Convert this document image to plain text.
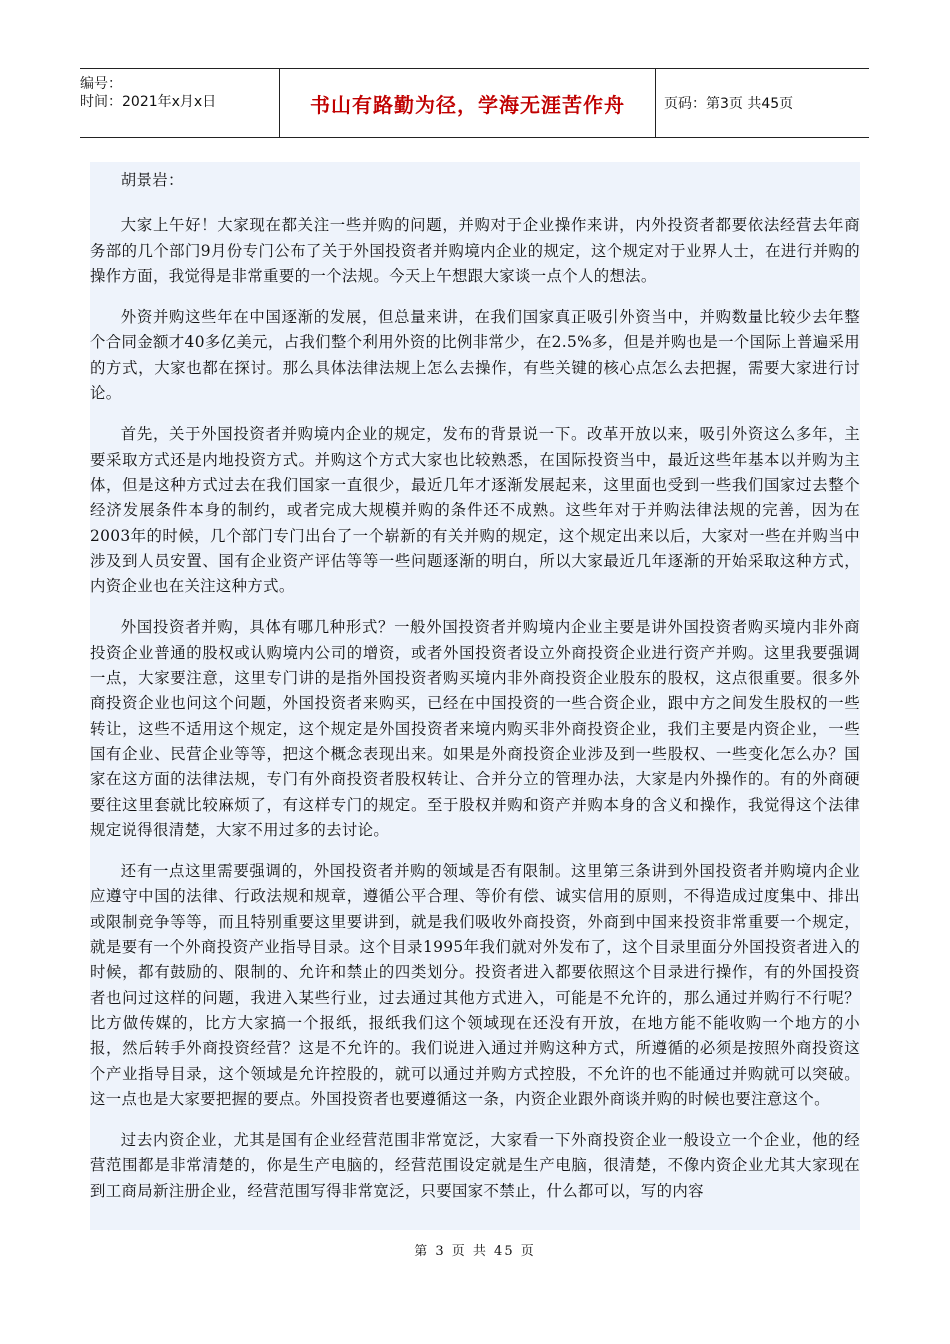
编号：
时间：2021年x月x日	书山有路勤为径，学海无涯苦作舟	页码：第3页 共45页

胡景岩：

大家上午好！大家现在都关注一些并购的问题，并购对于企业操作来讲，内外投资者都要依法经营去年商务部的几个部门9月份专门公布了关于外国投资者并购境内企业的规定，这个规定对于业界人士，在进行并购的操作方面，我觉得是非常重要的一个法规。今天上午想跟大家谈一点个人的想法。

外资并购这些年在中国逐渐的发展，但总量来讲，在我们国家真正吸引外资当中，并购数量比较少去年整个合同金额才40多亿美元，占我们整个利用外资的比例非常少，在2.5%多，但是并购也是一个国际上普遍采用的方式，大家也都在探讨。那么具体法律法规上怎么去操作，有些关键的核心点怎么去把握，需要大家进行讨论。

首先，关于外国投资者并购境内企业的规定，发布的背景说一下。改革开放以来，吸引外资这么多年，主要采取方式还是内地投资方式。并购这个方式大家也比较熟悉，在国际投资当中，最近这些年基本以并购为主体，但是这种方式过去在我们国家一直很少，最近几年才逐渐发展起来，这里面也受到一些我们国家过去整个经济发展条件本身的制约，或者完成大规模并购的条件还不成熟。这些年对于并购法律法规的完善，因为在2003年的时候，几个部门专门出台了一个崭新的有关并购的规定，这个规定出来以后，大家对一些在并购当中涉及到人员安置、国有企业资产评估等等一些问题逐渐的明白，所以大家最近几年逐渐的开始采取这种方式，内资企业也在关注这种方式。

外国投资者并购，具体有哪几种形式？一般外国投资者并购境内企业主要是讲外国投资者购买境内非外商投资企业普通的股权或认购境内公司的增资，或者外国投资者设立外商投资企业进行资产并购。这里我要强调一点，大家要注意，这里专门讲的是指外国投资者购买境内非外商投资企业股东的股权，这点很重要。很多外商投资企业也问这个问题，外国投资者来购买，已经在中国投资的一些合资企业，跟中方之间发生股权的一些转让，这些不适用这个规定，这个规定是外国投资者来境内购买非外商投资企业，我们主要是内资企业，一些国有企业、民营企业等等，把这个概念表现出来。如果是外商投资企业涉及到一些股权、一些变化怎么办？国家在这方面的法律法规，专门有外商投资者股权转让、合并分立的管理办法，大家是内外操作的。有的外商硬要往这里套就比较麻烦了，有这样专门的规定。至于股权并购和资产并购本身的含义和操作，我觉得这个法律规定说得很清楚，大家不用过多的去讨论。

还有一点这里需要强调的，外国投资者并购的领域是否有限制。这里第三条讲到外国投资者并购境内企业应遵守中国的法律、行政法规和规章，遵循公平合理、等价有偿、诚实信用的原则，不得造成过度集中、排出或限制竞争等等，而且特别重要这里要讲到，就是我们吸收外商投资，外商到中国来投资非常重要一个规定，就是要有一个外商投资产业指导目录。这个目录1995年我们就对外发布了，这个目录里面分外国投资者进入的时候，都有鼓励的、限制的、允许和禁止的四类划分。投资者进入都要依照这个目录进行操作，有的外国投资者也问过这样的问题，我进入某些行业，过去通过其他方式进入，可能是不允许的，那么通过并购行不行呢？比方做传媒的，比方大家搞一个报纸，报纸我们这个领域现在还没有开放，在地方能不能收购一个地方的小报，然后转手外商投资经营？这是不允许的。我们说进入通过并购这种方式，所遵循的必须是按照外商投资这个产业指导目录，这个领域是允许控股的，就可以通过并购方式控股，不允许的也不能通过并购就可以突破。这一点也是大家要把握的要点。外国投资者也要遵循这一条，内资企业跟外商谈并购的时候也要注意这个。

过去内资企业，尤其是国有企业经营范围非常宽泛，大家看一下外商投资企业一般设立一个企业，他的经营范围都是非常清楚的，你是生产电脑的，经营范围设定就是生产电脑，很清楚，不像内资企业尤其大家现在到工商局新注册企业，经营范围写得非常宽泛，只要国家不禁止，什么都可以，写的内容

第 3 页 共 45 页
